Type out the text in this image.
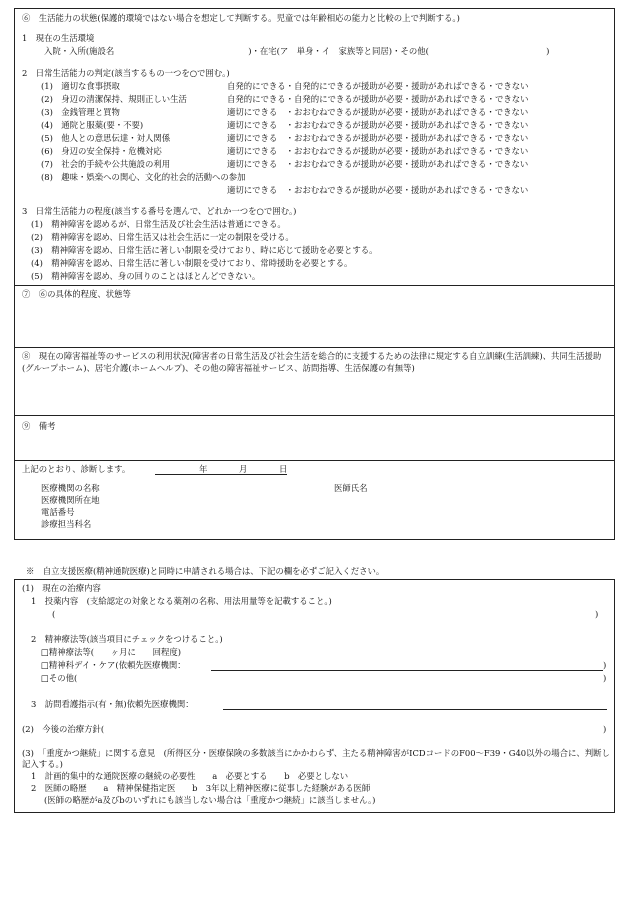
⑥　生活能力の状態(保護的環境ではない場合を想定して判断する。児童では年齢相応の能力と比較の上で判断する。)
1　現在の生活環境
入院・入所(施設名　　　　　　　　　　　　　　　　)・在宅(ア　単身・イ　家族等と同居)・その他(　　　　　　　　　　　　　　)
2　日常生活能力の判定(該当するもの一つを○で囲む。)
(1)　適切な食事摂取	自発的にできる・自発的にできるが援助が必要・援助があればできる・できない
(2)　身辺の清潔保持、規則正しい生活	自発的にできる・自発的にできるが援助が必要・援助があればできる・できない
(3)　金銭管理と買物	適切にできる　・おおむねできるが援助が必要・援助があればできる・できない
(4)　通院と服薬(要・不要)	適切にできる　・おおむねできるが援助が必要・援助があればできる・できない
(5)　他人との意思伝達・対人関係	適切にできる　・おおむねできるが援助が必要・援助があればできる・できない
(6)　身辺の安全保持・危機対応	適切にできる　・おおむねできるが援助が必要・援助があればできる・できない
(7)　社会的手続や公共施設の利用	適切にできる　・おおむねできるが援助が必要・援助があればできる・できない
(8)　趣味・娯楽への関心、文化的社会的活動への参加
適切にできる　・おおむねできるが援助が必要・援助があればできる・できない
3　日常生活能力の程度(該当する番号を選んで、どれか一つを○で囲む。)
(1)　精神障害を認めるが、日常生活及び社会生活は普通にできる。
(2)　精神障害を認め、日常生活又は社会生活に一定の制限を受ける。
(3)　精神障害を認め、日常生活に著しい制限を受けており、時に応じて援助を必要とする。
(4)　精神障害を認め、日常生活に著しい制限を受けており、常時援助を必要とする。
(5)　精神障害を認め、身の回りのことはほとんどできない。
⑦　⑥の具体的程度、状態等
⑧　現在の障害福祉等のサービスの利用状況(障害者の日常生活及び社会生活を総合的に支援するための法律に規定する自立訓練(生活訓練)、共同生活援助(グループホーム)、居宅介護(ホームヘルプ)、その他の障害福祉サービス、訪問指導、生活保護の有無等)
⑨　備考
上記のとおり、診断します。	年	月	日
医療機関の名称	医師氏名
医療機関所在地
電話番号
診療担当科名
※　自立支援医療(精神通院医療)と同時に申請される場合は、下記の欄を必ずご記入ください。
(1)　現在の治療内容
1　投薬内容　(支給認定の対象となる薬剤の名称、用法用量等を記載すること。)
(	)
2　精神療法等(該当項目にチェックをつけること。)
□精神療法等(　　ヶ月に　　回程度)
□精神科デイ・ケア(依頼先医療機関：	)
□その他(	)
3　訪問看護指示(有・無)依頼先医療機関：
(2)　今後の治療方針(	)
(3)　「重度かつ継続」に関する意見　(所得区分・医療保険の多数該当にかかわらず、主たる精神障害がICDコードのF00〜F39・G40以外の場合に、判断し記入する。)
1　計画的集中的な通院医療の継続の必要性　　a　必要とする　　b　必要としない
2　医師の略歴　　a　精神保健指定医　　b　3年以上精神医療に従事した経験がある医師
(医師の略歴がa及びbのいずれにも該当しない場合は「重度かつ継続」に該当しません。)
